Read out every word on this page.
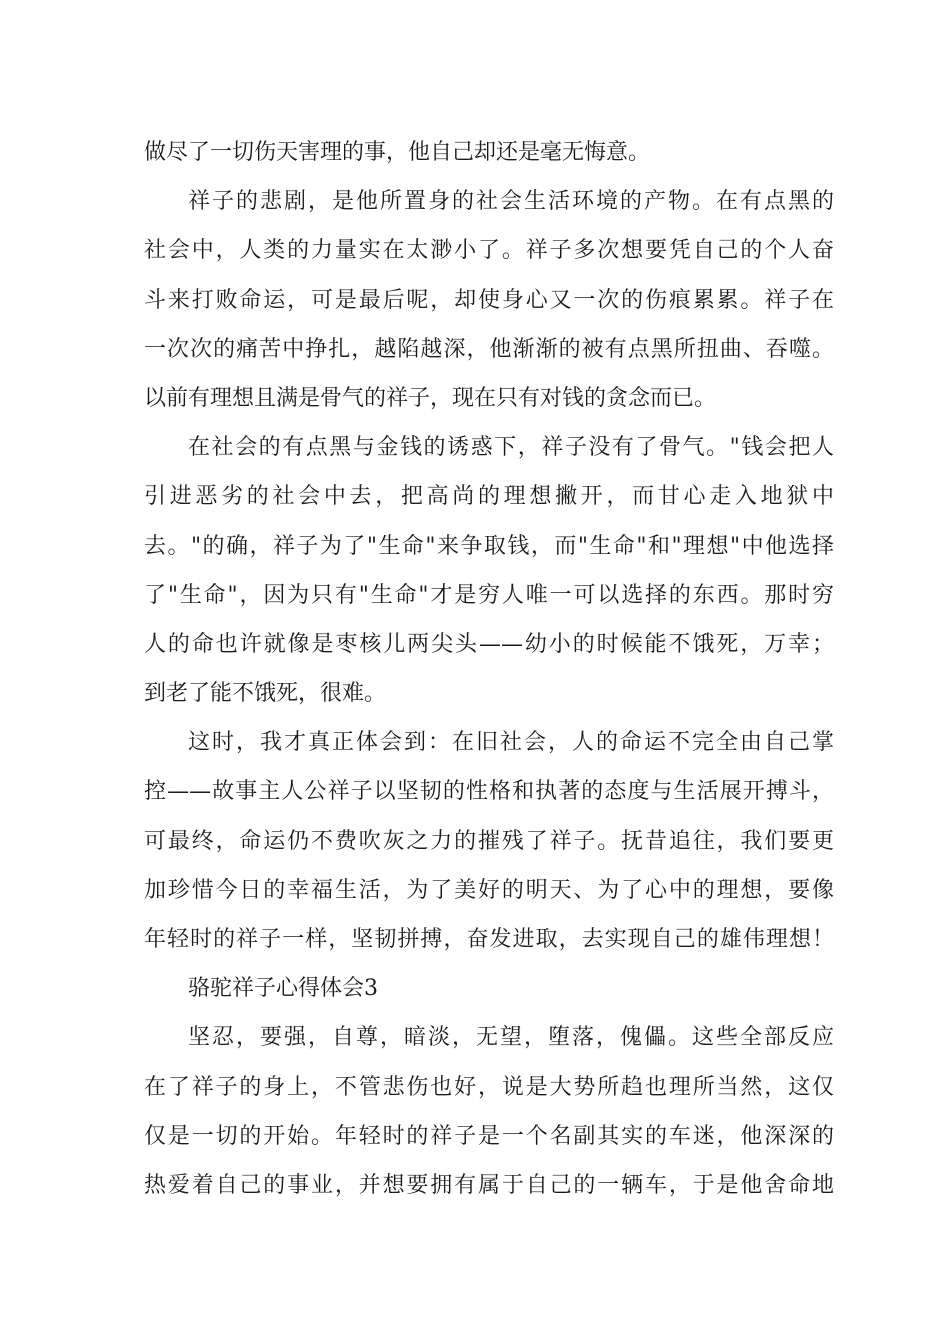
做尽了一切伤天害理的事，他自己却还是毫无悔意。
祥子的悲剧，是他所置身的社会生活环境的产物。在有点黑的
社会中，人类的力量实在太渺小了。祥子多次想要凭自己的个人奋
斗来打败命运，可是最后呢，却使身心又一次的伤痕累累。祥子在
一次次的痛苦中挣扎，越陷越深，他渐渐的被有点黑所扭曲、吞噬。
以前有理想且满是骨气的祥子，现在只有对钱的贪念而已。
在社会的有点黑与金钱的诱惑下，祥子没有了骨气。"钱会把人
引进恶劣的社会中去，把高尚的理想撇开，而甘心走入地狱中
去。"的确，祥子为了"生命"来争取钱，而"生命"和"理想"中他选择
了"生命"，因为只有"生命"才是穷人唯一可以选择的东西。那时穷
人的命也许就像是枣核儿两尖头——幼小的时候能不饿死，万幸；
到老了能不饿死，很难。
这时，我才真正体会到：在旧社会，人的命运不完全由自己掌
控——故事主人公祥子以坚韧的性格和执著的态度与生活展开搏斗，
可最终，命运仍不费吹灰之力的摧残了祥子。抚昔追往，我们要更
加珍惜今日的幸福生活，为了美好的明天、为了心中的理想，要像
年轻时的祥子一样，坚韧拼搏，奋发进取，去实现自己的雄伟理想！
骆驼祥子心得体会3
坚忍，要强，自尊，暗淡，无望，堕落，傀儡。这些全部反应
在了祥子的身上，不管悲伤也好，说是大势所趋也理所当然，这仅
仅是一切的开始。年轻时的祥子是一个名副其实的车迷，他深深的
热爱着自己的事业，并想要拥有属于自己的一辆车，于是他舍命地
